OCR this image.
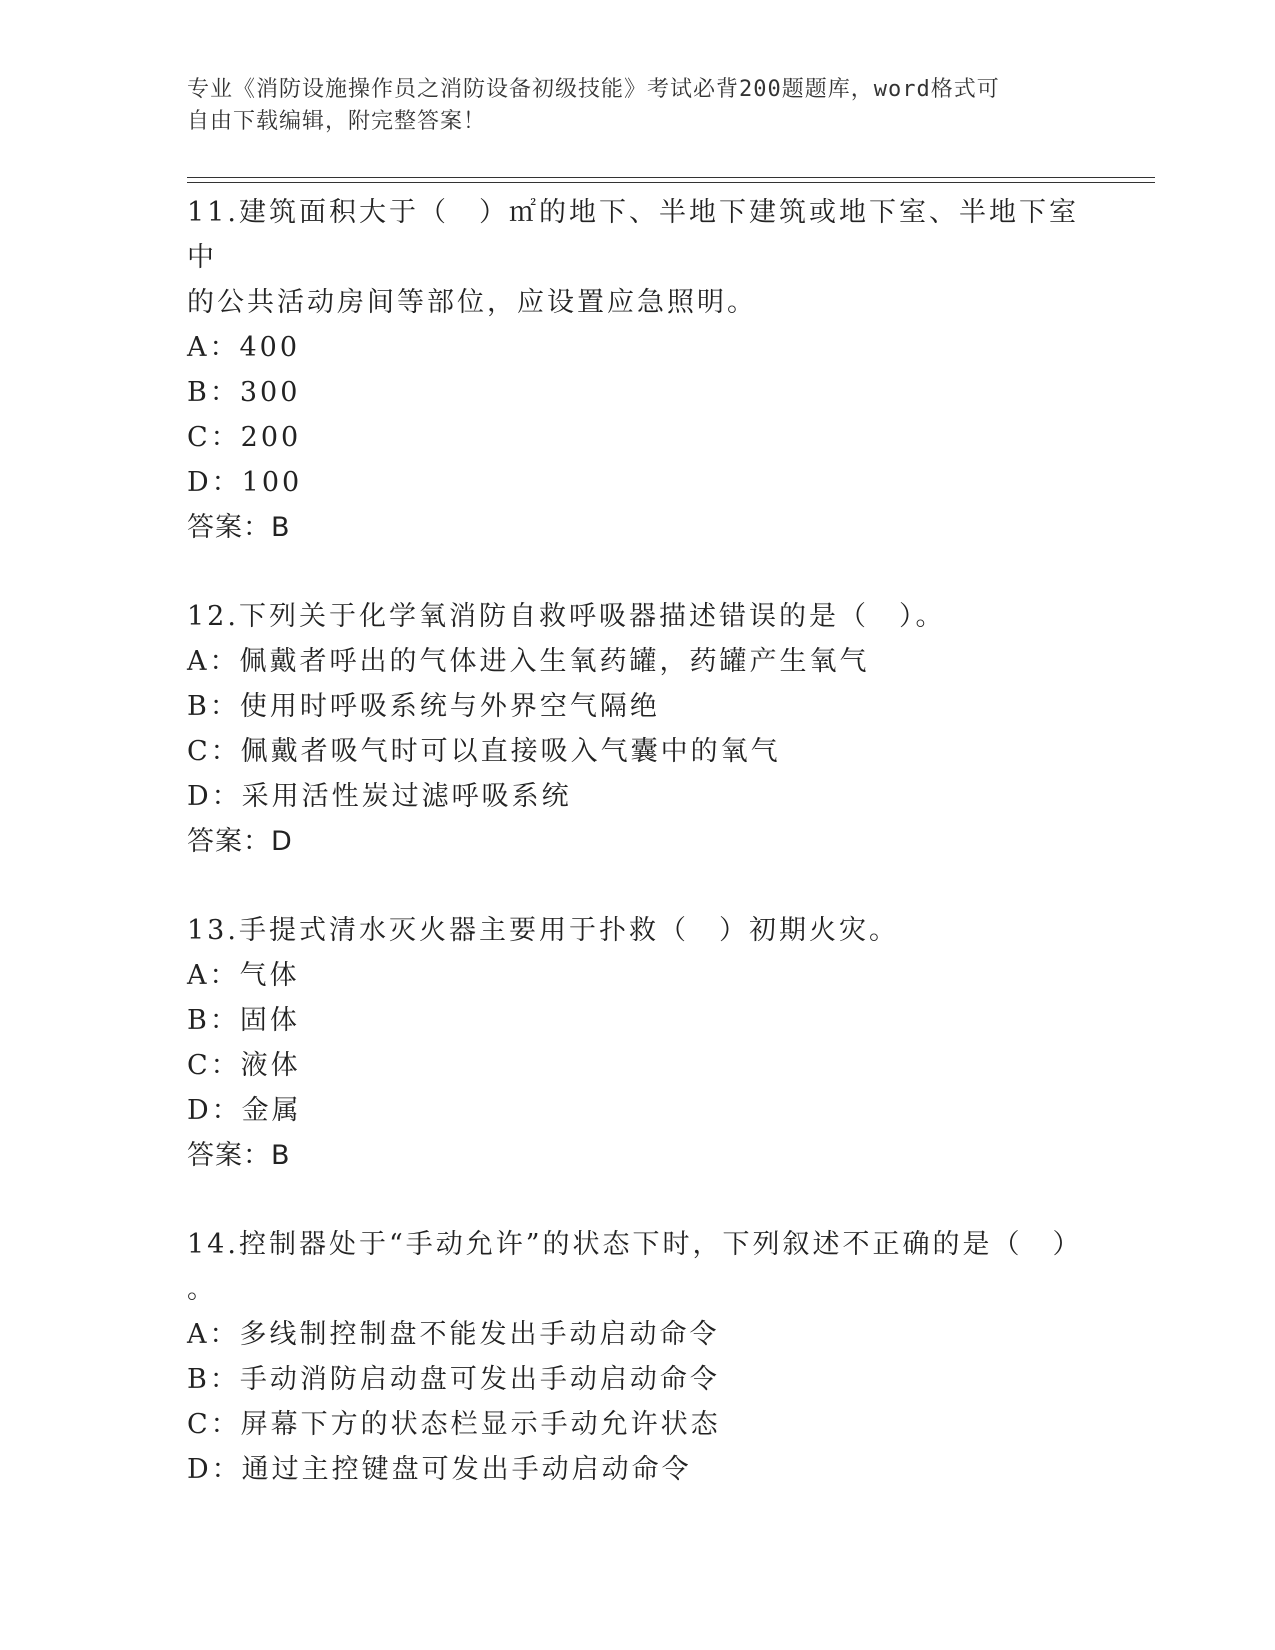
专业《消防设施操作员之消防设备初级技能》考试必背200题题库，word格式可
自由下载编辑，附完整答案！
11.建筑面积大于（　）㎡的地下、半地下建筑或地下室、半地下室中
的公共活动房间等部位，应设置应急照明。
A：400
B：300
C：200
D：100
答案：B
12.下列关于化学氧消防自救呼吸器描述错误的是（　）。
A：佩戴者呼出的气体进入生氧药罐，药罐产生氧气
B：使用时呼吸系统与外界空气隔绝
C：佩戴者吸气时可以直接吸入气囊中的氧气
D：采用活性炭过滤呼吸系统
答案：D
13.手提式清水灭火器主要用于扑救（　）初期火灾。
A：气体
B：固体
C：液体
D：金属
答案：B
14.控制器处于“手动允许”的状态下时，下列叙述不正确的是（　）
。
A：多线制控制盘不能发出手动启动命令
B：手动消防启动盘可发出手动启动命令
C：屏幕下方的状态栏显示手动允许状态
D：通过主控键盘可发出手动启动命令
